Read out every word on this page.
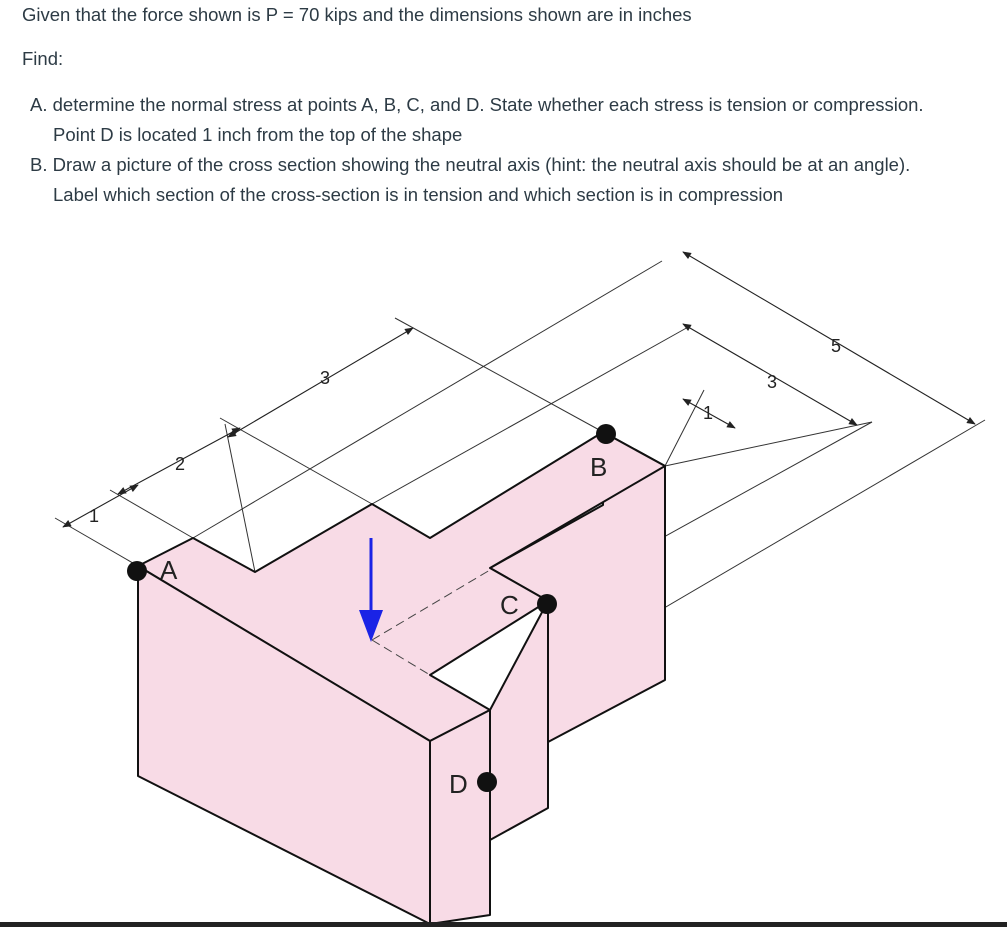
Given that the force shown is P = 70 kips and the dimensions shown are in inches
Find:
A. determine the normal stress at points A, B, C, and D. State whether each stress is tension or compression.
Point D is located 1 inch from the top of the shape
B. Draw a picture of the cross section showing the neutral axis (hint: the neutral axis should be at an angle).
Label which section of the cross-section is in tension and which section is in compression
A
B
C
D
1
2
3
1
3
5
